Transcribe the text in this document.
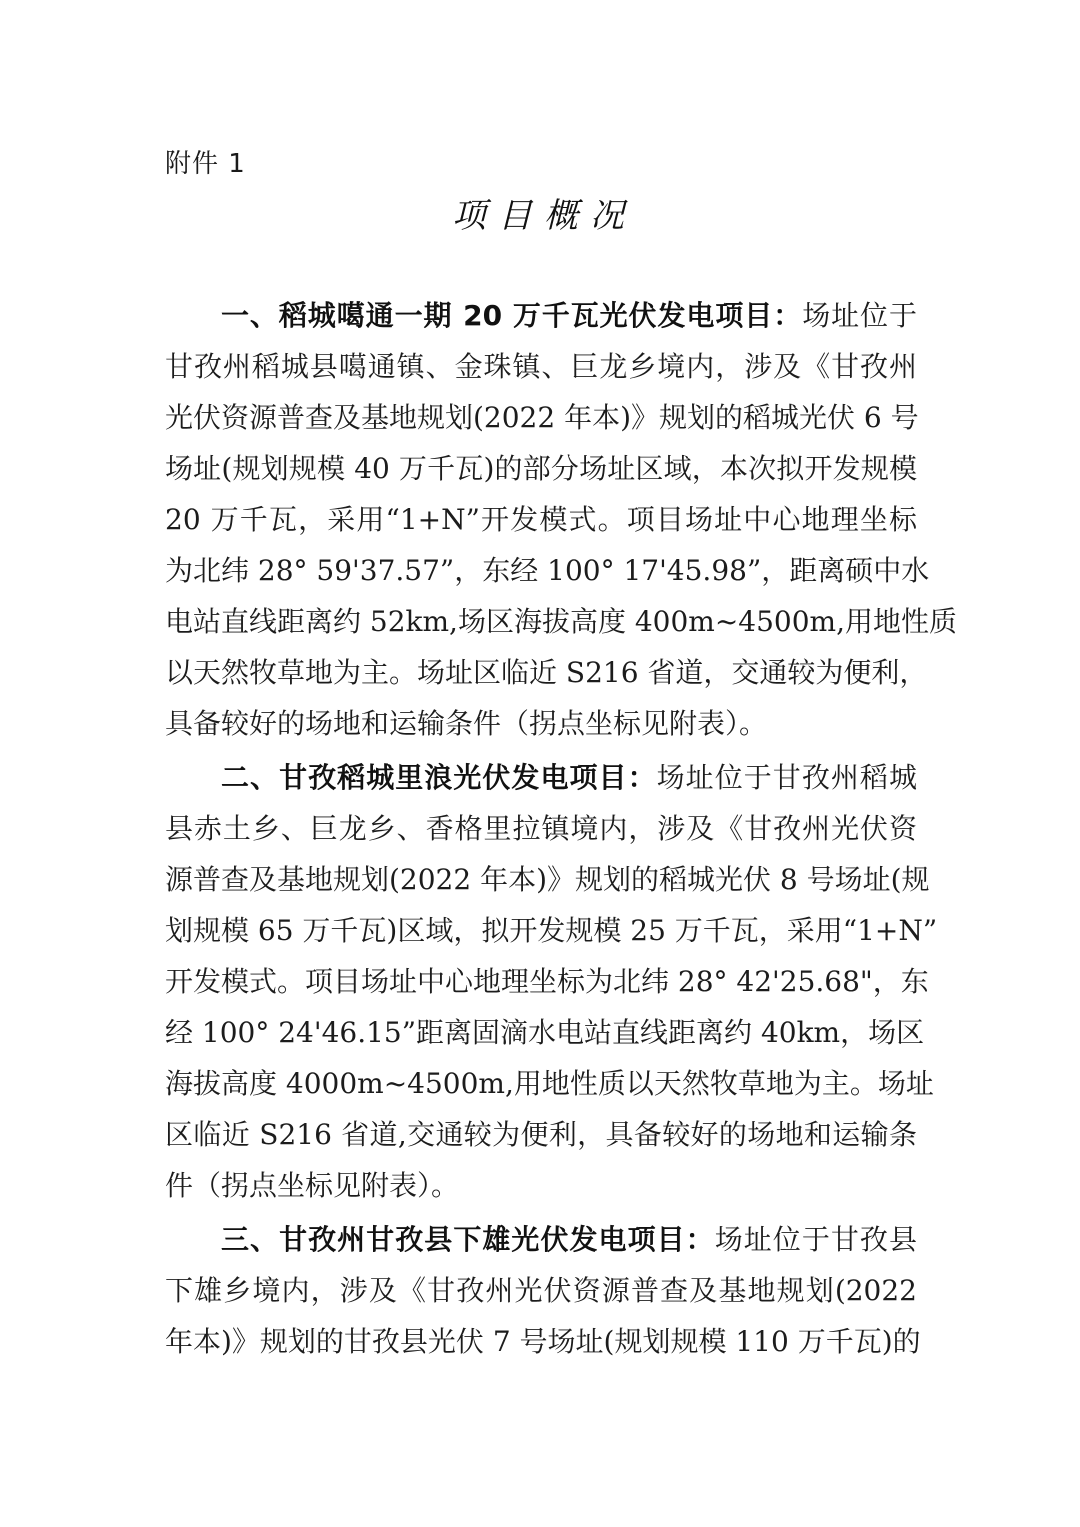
附件 1
项目概况
一、稻城噶通一期 20 万千瓦光伏发电项目：场址位于
甘孜州稻城县噶通镇、金珠镇、巨龙乡境内，涉及《甘孜州
光伏资源普查及基地规划(2022 年本)》规划的稻城光伏 6 号
场址(规划规模 40 万千瓦)的部分场址区域，本次拟开发规模
20 万千瓦，采用“1+N”开发模式。项目场址中心地理坐标
为北纬 28° 59'37.57”，东经 100° 17'45.98”，距离硕中水
电站直线距离约 52km,场区海拔高度 400m~4500m,用地性质
以天然牧草地为主。场址区临近 S216 省道，交通较为便利，
具备较好的场地和运输条件（拐点坐标见附表）。
二、甘孜稻城里浪光伏发电项目：场址位于甘孜州稻城
县赤土乡、巨龙乡、香格里拉镇境内，涉及《甘孜州光伏资
源普查及基地规划(2022 年本)》规划的稻城光伏 8 号场址(规
划规模 65 万千瓦)区域，拟开发规模 25 万千瓦，采用“1+N”
开发模式。项目场址中心地理坐标为北纬 28° 42'25.68"，东
经 100° 24'46.15”距离固滴水电站直线距离约 40km，场区
海拔高度 4000m~4500m,用地性质以天然牧草地为主。场址
区临近 S216 省道,交通较为便利，具备较好的场地和运输条
件（拐点坐标见附表）。
三、甘孜州甘孜县下雄光伏发电项目：场址位于甘孜县
下雄乡境内，涉及《甘孜州光伏资源普查及基地规划(2022
年本)》规划的甘孜县光伏 7 号场址(规划规模 110 万千瓦)的
